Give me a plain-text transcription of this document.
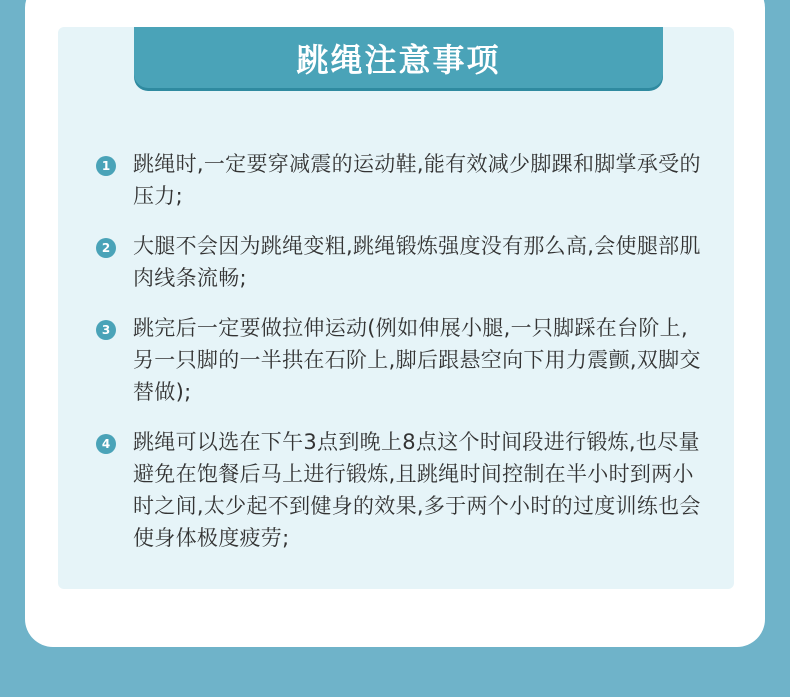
跳绳注意事项
1 跳绳时,一定要穿减震的运动鞋,能有效减少脚踝和脚掌承受的压力;
2 大腿不会因为跳绳变粗,跳绳锻炼强度没有那么高,会使腿部肌肉线条流畅;
3 跳完后一定要做拉伸运动(例如伸展小腿,一只脚踩在台阶上,另一只脚的一半拱在石阶上,脚后跟悬空向下用力震颤,双脚交替做);
4 跳绳可以选在下午3点到晚上8点这个时间段进行锻炼,也尽量避免在饱餐后马上进行锻炼,且跳绳时间控制在半小时到两小时之间,太少起不到健身的效果,多于两个小时的过度训练也会使身体极度疲劳;
